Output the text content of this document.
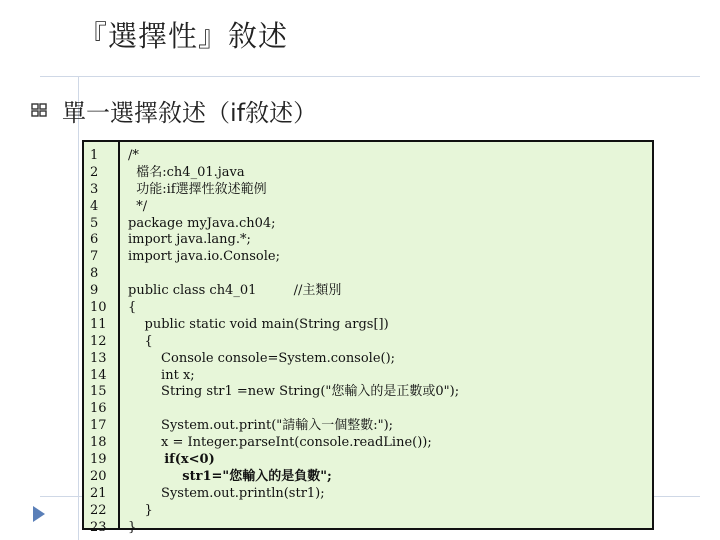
『選擇性』敘述
單一選擇敘述（if敘述）
1
2
3
4
5
6
7
8
9
10
11
12
13
14
15
16
17
18
19
20
21
22
23
/*
檔名:ch4_01.java
功能:if選擇性敘述範例
*/
package myJava.ch04;
import java.lang.*;
import java.io.Console;
public class ch4_01         //主類別
{
public static void main(String args[])
{
Console console=System.console();
int x;
String str1 =new String("您輸入的是正數或0");
System.out.print("請輸入一個整數:");
x = Integer.parseInt(console.readLine());
if(x<0)
str1="您輸入的是負數";
System.out.println(str1);
}
}
